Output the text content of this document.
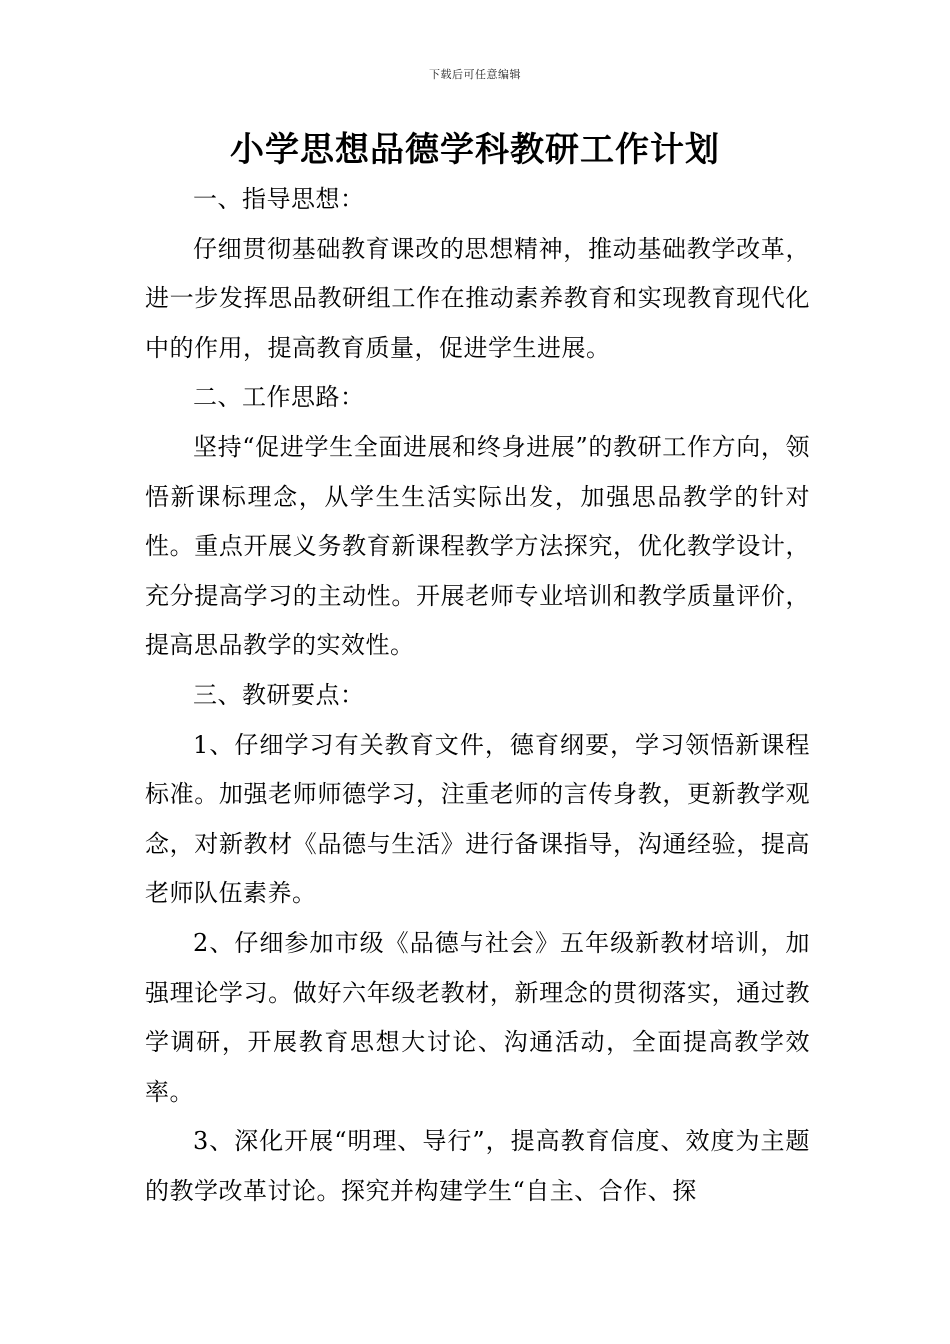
下载后可任意编辑
小学思想品德学科教研工作计划

一、指导思想：

仔细贯彻基础教育课改的思想精神，推动基础教学改革，进一步发挥思品教研组工作在推动素养教育和实现教育现代化中的作用，提高教育质量，促进学生进展。

二、工作思路：

坚持“促进学生全面进展和终身进展”的教研工作方向，领悟新课标理念，从学生生活实际出发，加强思品教学的针对性。重点开展义务教育新课程教学方法探究，优化教学设计，充分提高学习的主动性。开展老师专业培训和教学质量评价，提高思品教学的实效性。

三、教研要点：

1、仔细学习有关教育文件，德育纲要，学习领悟新课程标准。加强老师师德学习，注重老师的言传身教，更新教学观念，对新教材《品德与生活》进行备课指导，沟通经验，提高老师队伍素养。

2、仔细参加市级《品德与社会》五年级新教材培训，加强理论学习。做好六年级老教材，新理念的贯彻落实，通过教学调研，开展教育思想大讨论、沟通活动，全面提高教学效率。

3、深化开展“明理、导行”，提高教育信度、效度为主题的教学改革讨论。探究并构建学生“自主、合作、探
